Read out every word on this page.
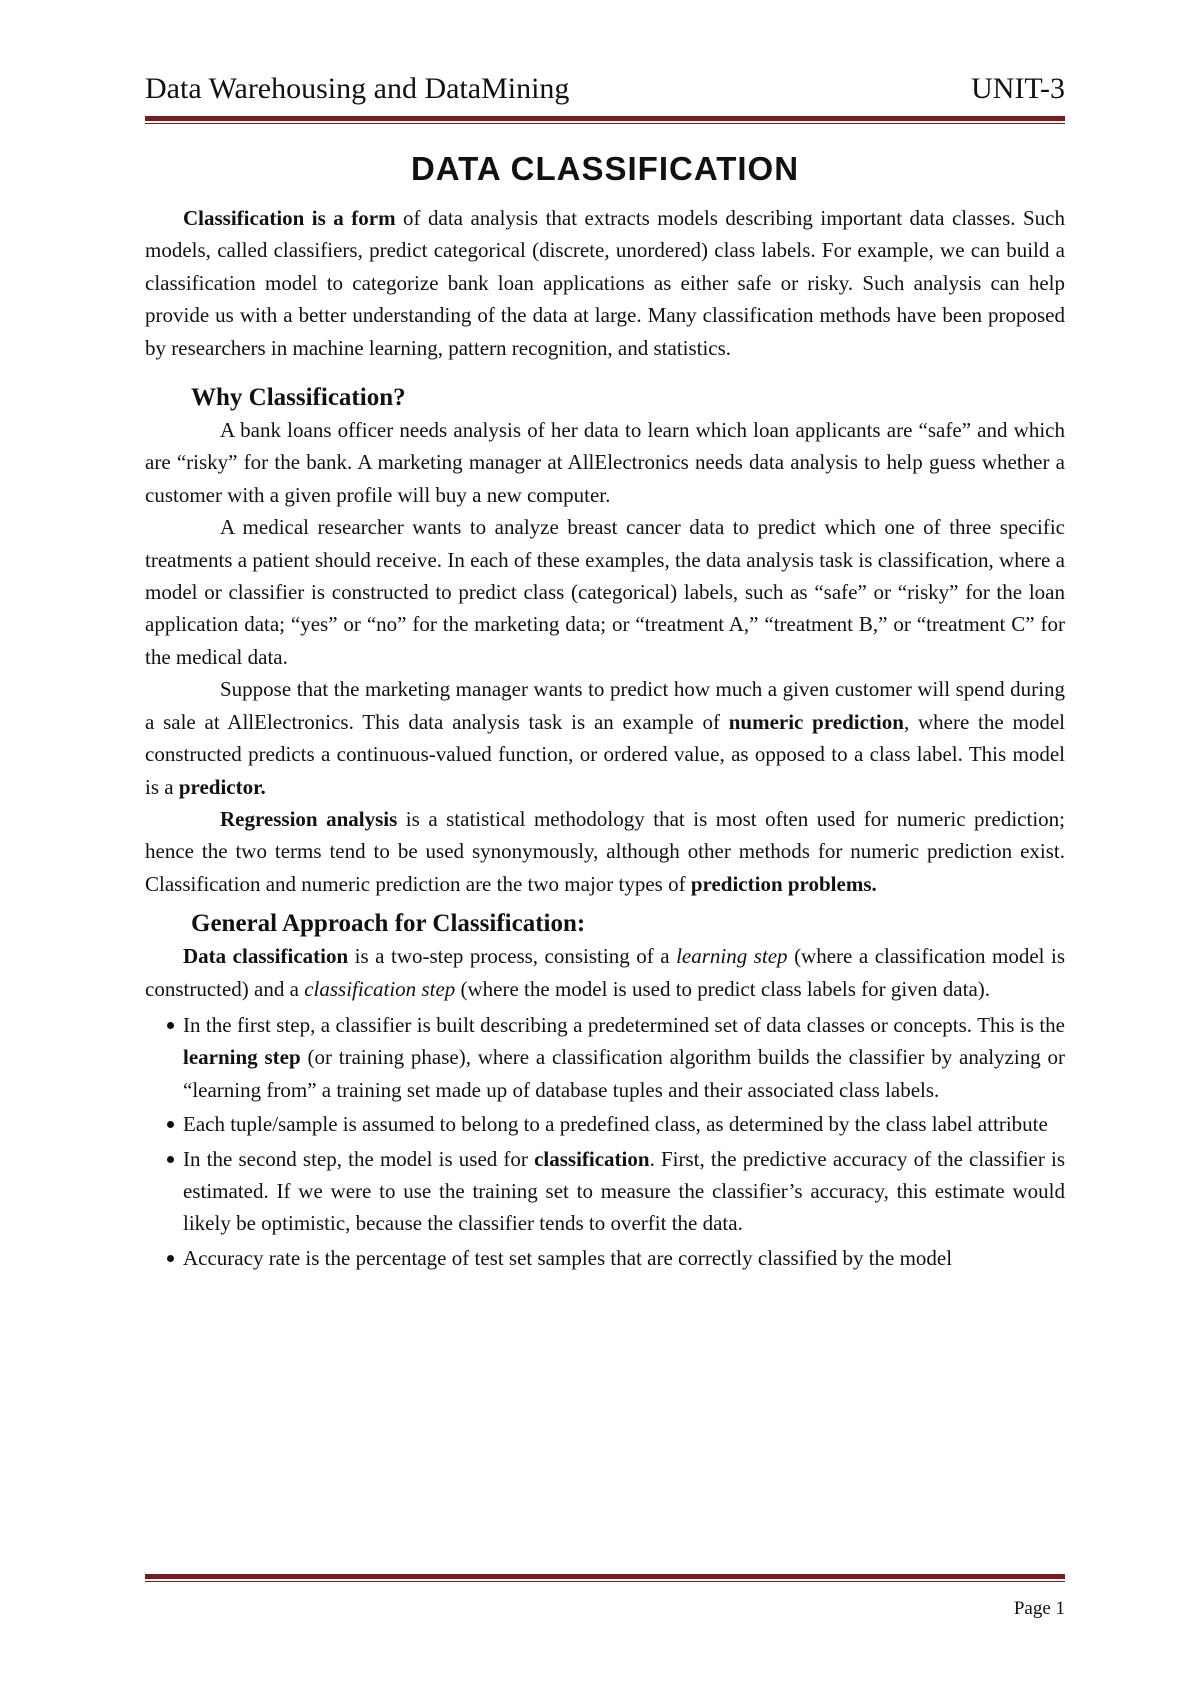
Data Warehousing and DataMining	UNIT-3
DATA CLASSIFICATION

Classification is a form of data analysis that extracts models describing important data classes. Such models, called classifiers, predict categorical (discrete, unordered) class labels. For example, we can build a classification model to categorize bank loan applications as either safe or risky. Such analysis can help provide us with a better understanding of the data at large. Many classification methods have been proposed by researchers in machine learning, pattern recognition, and statistics.

Why Classification?

A bank loans officer needs analysis of her data to learn which loan applicants are “safe” and which are “risky” for the bank. A marketing manager at AllElectronics needs data analysis to help guess whether a customer with a given profile will buy a new computer.

A medical researcher wants to analyze breast cancer data to predict which one of three specific treatments a patient should receive. In each of these examples, the data analysis task is classification, where a model or classifier is constructed to predict class (categorical) labels, such as “safe” or “risky” for the loan application data; “yes” or “no” for the marketing data; or “treatment A,” “treatment B,” or “treatment C” for the medical data.

Suppose that the marketing manager wants to predict how much a given customer will spend during a sale at AllElectronics. This data analysis task is an example of numeric prediction, where the model constructed predicts a continuous-valued function, or ordered value, as opposed to a class label. This model is a predictor.

Regression analysis is a statistical methodology that is most often used for numeric prediction; hence the two terms tend to be used synonymously, although other methods for numeric prediction exist. Classification and numeric prediction are the two major types of prediction problems.

General Approach for Classification:

Data classification is a two-step process, consisting of a learning step (where a classification model is constructed) and a classification step (where the model is used to predict class labels for given data).

In the first step, a classifier is built describing a predetermined set of data classes or concepts. This is the learning step (or training phase), where a classification algorithm builds the classifier by analyzing or “learning from” a training set made up of database tuples and their associated class labels.
Each tuple/sample is assumed to belong to a predefined class, as determined by the class label attribute
In the second step, the model is used for classification. First, the predictive accuracy of the classifier is estimated. If we were to use the training set to measure the classifier’s accuracy, this estimate would likely be optimistic, because the classifier tends to overfit the data.
Accuracy rate is the percentage of test set samples that are correctly classified by the model
Page 1
